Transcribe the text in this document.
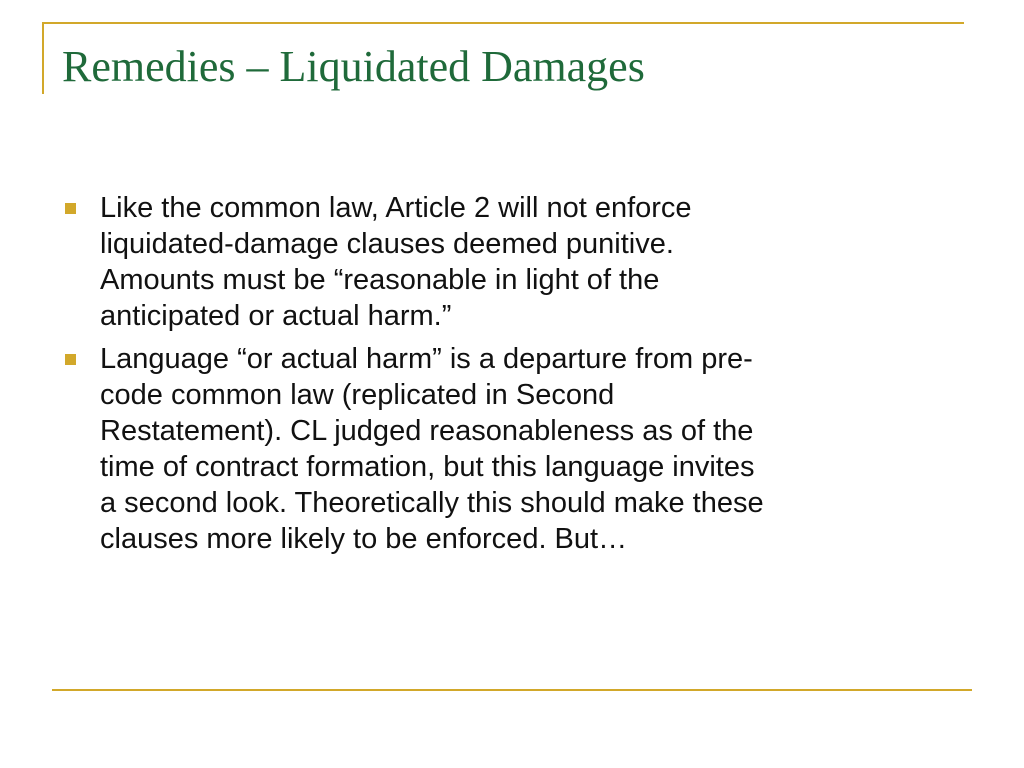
Remedies – Liquidated Damages
Like the common law, Article 2 will not enforce
liquidated-damage clauses deemed punitive.
Amounts must be “reasonable in light of the
anticipated or actual harm.”
Language “or actual harm” is a departure from pre-
code common law (replicated in Second
Restatement). CL judged reasonableness as of the
time of contract formation, but this language invites
a second look. Theoretically this should make these
clauses more likely to be enforced. But…
